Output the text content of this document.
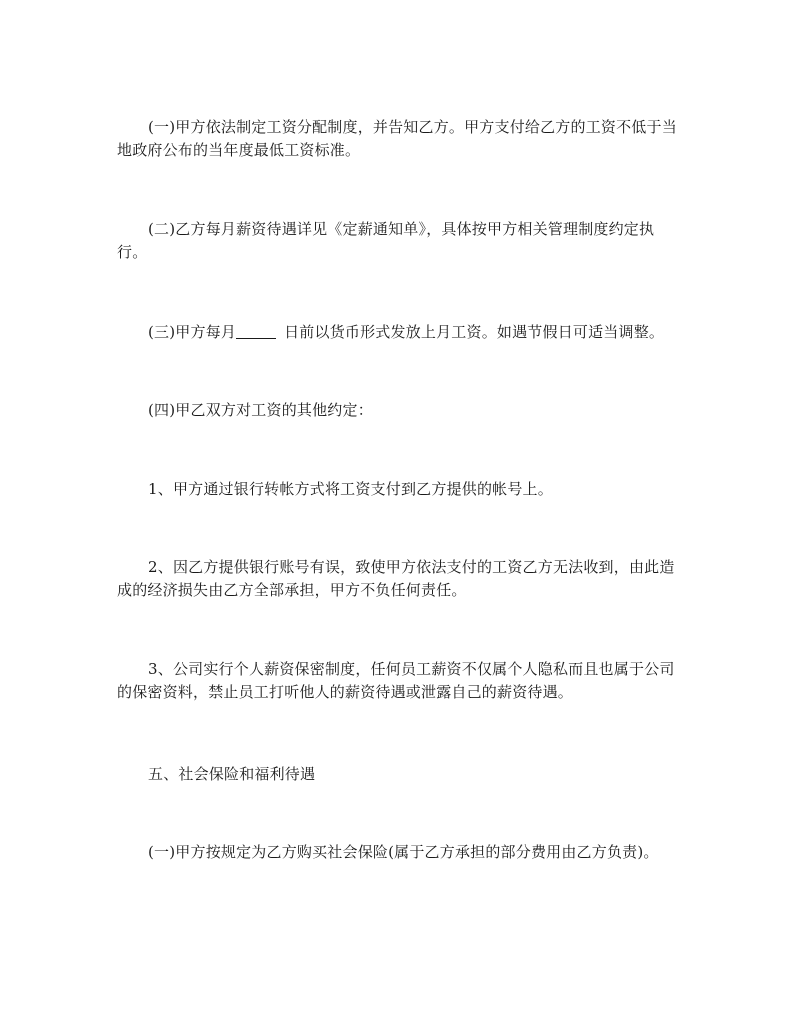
(一)甲方依法制定工资分配制度，并告知乙方。甲方支付给乙方的工资不低于当地政府公布的当年度最低工资标准。

(二)乙方每月薪资待遇详见《定薪通知单》，具体按甲方相关管理制度约定执行。

(三)甲方每月	日前以货币形式发放上月工资。如遇节假日可适当调整。

(四)甲乙双方对工资的其他约定：

1、甲方通过银行转帐方式将工资支付到乙方提供的帐号上。

2、因乙方提供银行账号有误，致使甲方依法支付的工资乙方无法收到，由此造成的经济损失由乙方全部承担，甲方不负任何责任。

3、公司实行个人薪资保密制度，任何员工薪资不仅属个人隐私而且也属于公司的保密资料，禁止员工打听他人的薪资待遇或泄露自己的薪资待遇。

五、社会保险和福利待遇

(一)甲方按规定为乙方购买社会保险(属于乙方承担的部分费用由乙方负责)。
